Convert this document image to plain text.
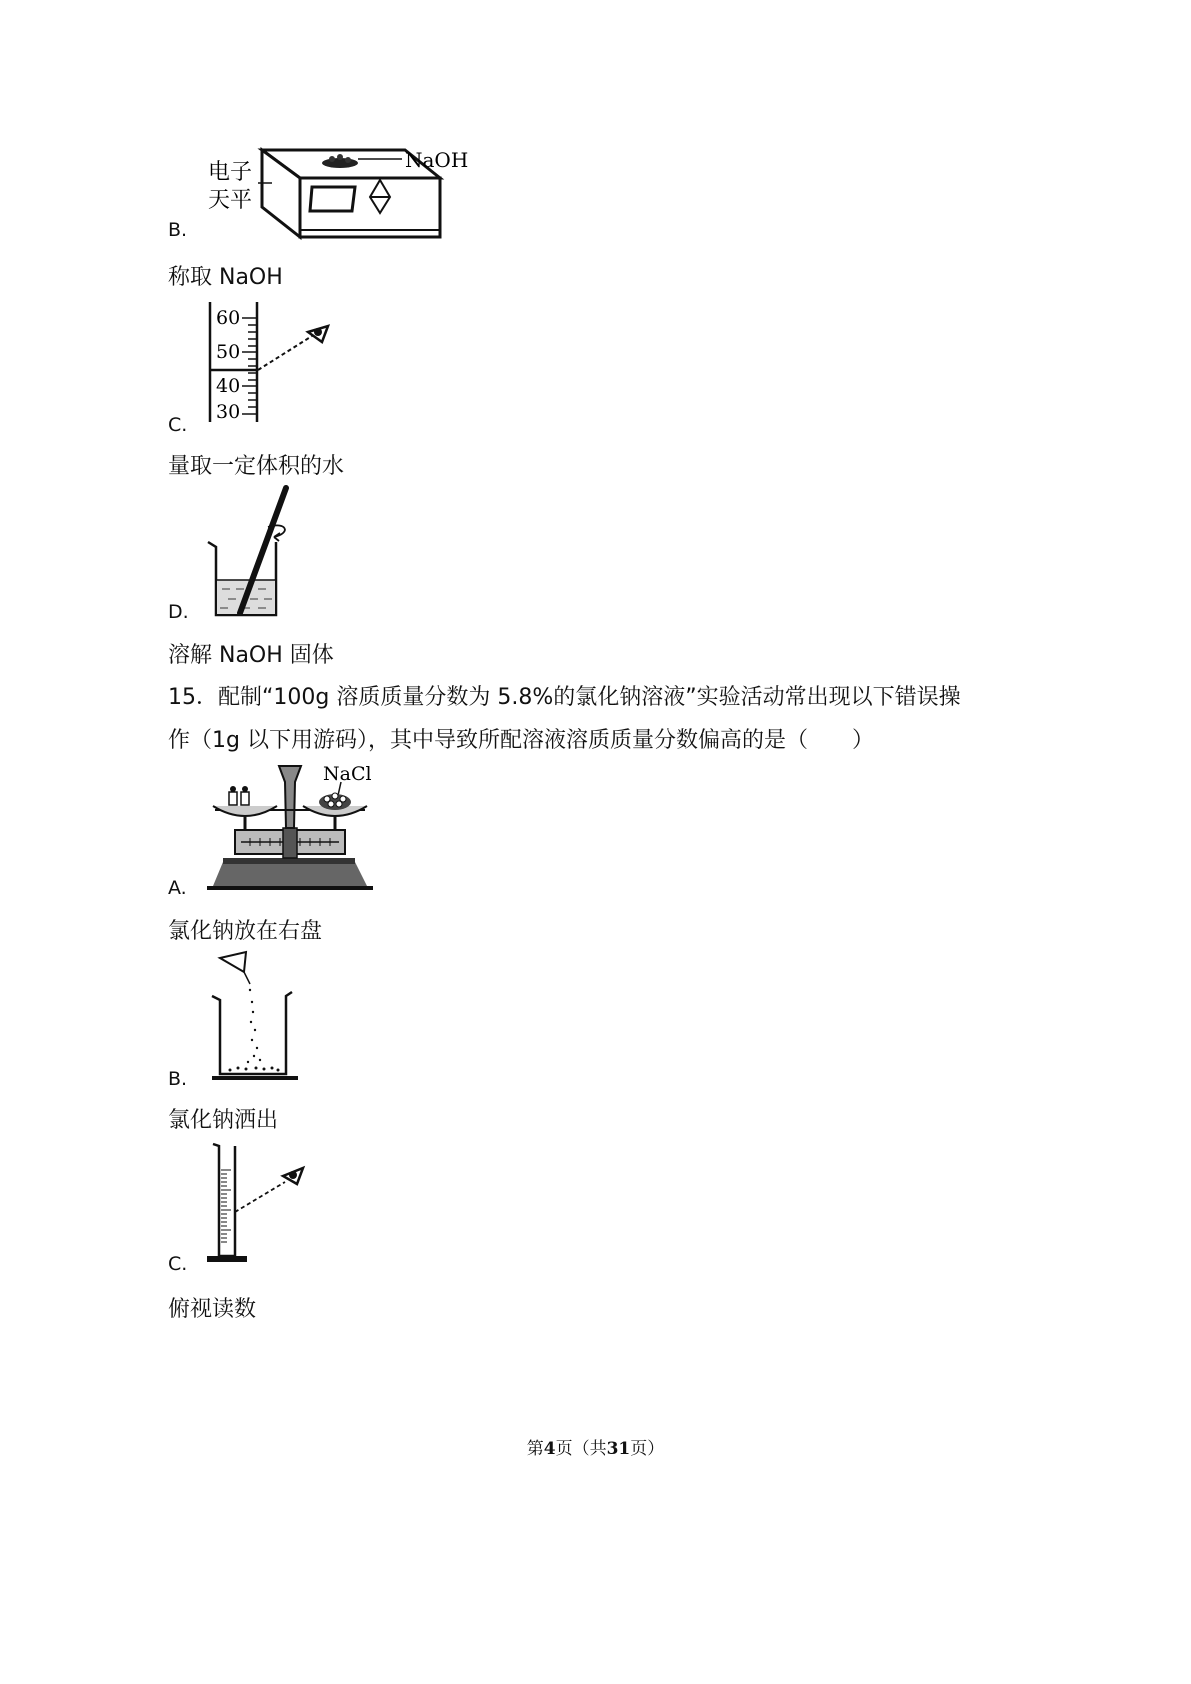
电子
天平
NaOH
B.
称取 NaOH
60
50
40
30
C.
量取一定体积的水
D.
溶解 NaOH 固体
15．配制“100g 溶质质量分数为 5.8%的氯化钠溶液”实验活动常出现以下错误操
作（1g 以下用游码），其中导致所配溶液溶质质量分数偏高的是（　　）
NaCl
A.
氯化钠放在右盘
B.
氯化钠洒出
C.
俯视读数
第4页（共31页）
